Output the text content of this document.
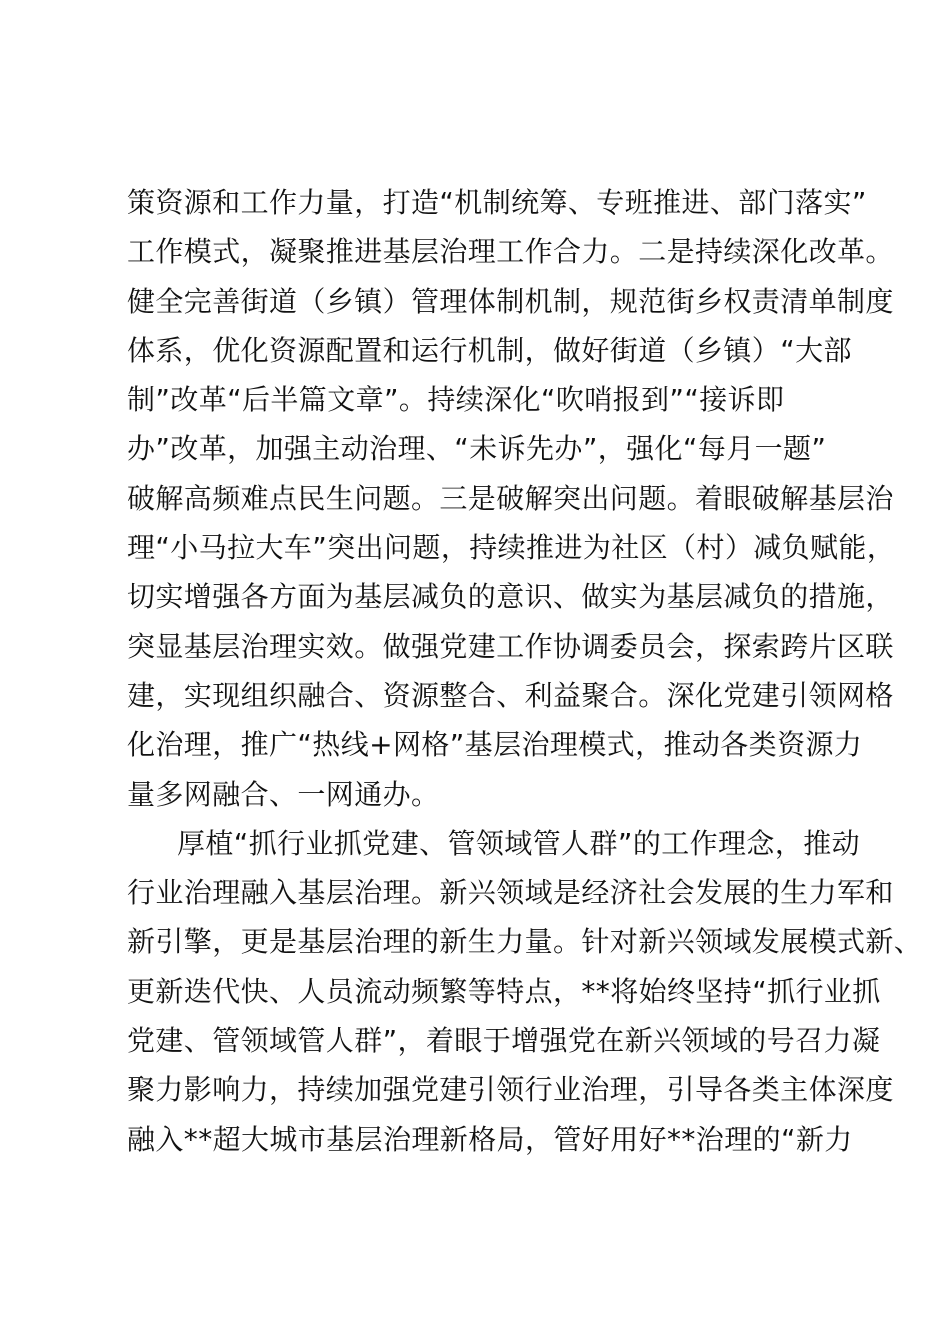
策资源和工作力量，打造“机制统筹、专班推进、部门落实”
工作模式，凝聚推进基层治理工作合力。二是持续深化改革。
健全完善街道（乡镇）管理体制机制，规范街乡权责清单制度
体系，优化资源配置和运行机制，做好街道（乡镇）“大部
制”改革“后半篇文章”。持续深化“吹哨报到”“接诉即
办”改革，加强主动治理、“未诉先办”，强化“每月一题”
破解高频难点民生问题。三是破解突出问题。着眼破解基层治
理“小马拉大车”突出问题，持续推进为社区（村）减负赋能，
切实增强各方面为基层减负的意识、做实为基层减负的措施，
突显基层治理实效。做强党建工作协调委员会，探索跨片区联
建，实现组织融合、资源整合、利益聚合。深化党建引领网格
化治理，推广“热线+网格”基层治理模式，推动各类资源力
量多网融合、一网通办。
厚植“抓行业抓党建、管领域管人群”的工作理念，推动
行业治理融入基层治理。新兴领域是经济社会发展的生力军和
新引擎，更是基层治理的新生力量。针对新兴领域发展模式新、
更新迭代快、人员流动频繁等特点，**将始终坚持“抓行业抓
党建、管领域管人群”，着眼于增强党在新兴领域的号召力凝
聚力影响力，持续加强党建引领行业治理，引导各类主体深度
融入**超大城市基层治理新格局，管好用好**治理的“新力
